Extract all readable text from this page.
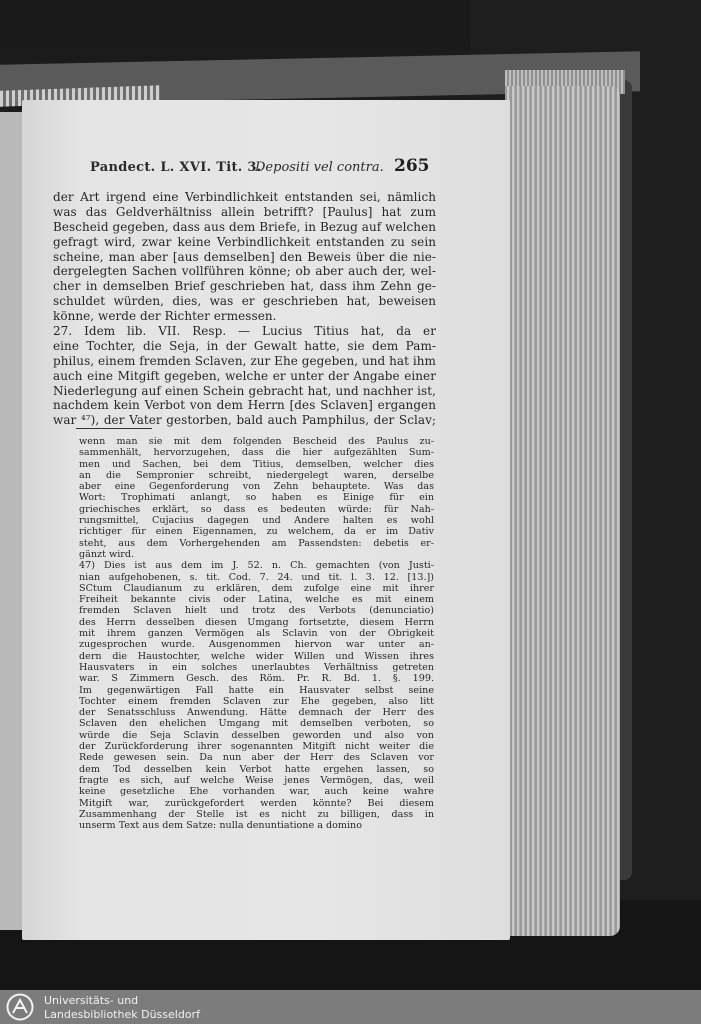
Pandect. L. XVI. Tit. 3.
Depositi vel contra. 265
der Art irgend eine Verbindlichkeit entstanden sei, nämlich
was das Geldverhältniss allein betrifft? [Paulus] hat zum
Bescheid gegeben, dass aus dem Briefe, in Bezug auf welchen
gefragt wird, zwar keine Verbindlichkeit entstanden zu sein
scheine, man aber [aus demselben] den Beweis über die nie-
dergelegten Sachen vollführen könne; ob aber auch der, wel-
cher in demselben Brief geschrieben hat, dass ihm Zehn ge-
schuldet würden, dies, was er geschrieben hat, beweisen
könne, werde der Richter ermessen.
27. Idem lib. VII. Resp. — Lucius Titius hat, da er
eine Tochter, die Seja, in der Gewalt hatte, sie dem Pam-
philus, einem fremden Sclaven, zur Ehe gegeben, und hat ihm
auch eine Mitgift gegeben, welche er unter der Angabe einer
Niederlegung auf einen Schein gebracht hat, und nachher ist,
nachdem kein Verbot von dem Herrn [des Sclaven] ergangen
war ⁴⁷), der Vater gestorben, bald auch Pamphilus, der Sclav;
wenn man sie mit dem folgenden Bescheid des Paulus zu-
sammenhält, hervorzugehen, dass die hier aufgezählten Sum-
men und Sachen, bei dem Titius, demselben, welcher dies
an die Sempronier schreibt, niedergelegt waren, derselbe
aber eine Gegenforderung von Zehn behauptete. Was das
Wort: Trophimati anlangt, so haben es Einige für ein
griechisches erklärt, so dass es bedeuten würde: für Nah-
rungsmittel, Cujacius dagegen und Andere halten es wohl
richtiger für einen Eigennamen, zu welchem, da er im Dativ
steht, aus dem Vorhergehenden am Passendsten: debetis er-
gänzt wird.
47) Dies ist aus dem im J. 52. n. Ch. gemachten (von Justi-
nian aufgehobenen, s. tit. Cod. 7. 24. und tit. l. 3. 12. [13.])
SCtum Claudianum zu erklären, dem zufolge eine mit ihrer
Freiheit bekannte civis oder Latina, welche es mit einem
fremden Sclaven hielt und trotz des Verbots (denunciatio)
des Herrn desselben diesen Umgang fortsetzte, diesem Herrn
mit ihrem ganzen Vermögen als Sclavin von der Obrigkeit
zugesprochen wurde. Ausgenommen hiervon war unter an-
dern die Haustochter, welche wider Willen und Wissen ihres
Hausvaters in ein solches unerlaubtes Verhältniss getreten
war. S Zimmern Gesch. des Röm. Pr. R. Bd. 1. §. 199.
Im gegenwärtigen Fall hatte ein Hausvater selbst seine
Tochter einem fremden Sclaven zur Ehe gegeben, also litt
der Senatsschluss Anwendung. Hätte demnach der Herr des
Sclaven den ehelichen Umgang mit demselben verboten, so
würde die Seja Sclavin desselben geworden und also von
der Zurückforderung ihrer sogenannten Mitgift nicht weiter die
Rede gewesen sein. Da nun aber der Herr des Sclaven vor
dem Tod desselben kein Verbot hatte ergehen lassen, so
fragte es sich, auf welche Weise jenes Vermögen, das, weil
keine gesetzliche Ehe vorhanden war, auch keine wahre
Mitgift war, zurückgefordert werden könnte? Bei diesem
Zusammenhang der Stelle ist es nicht zu billigen, dass in
unserm Text aus dem Satze: nulla denuntiatione a domino
Universitäts- und
Landesbibliothek Düsseldorf
